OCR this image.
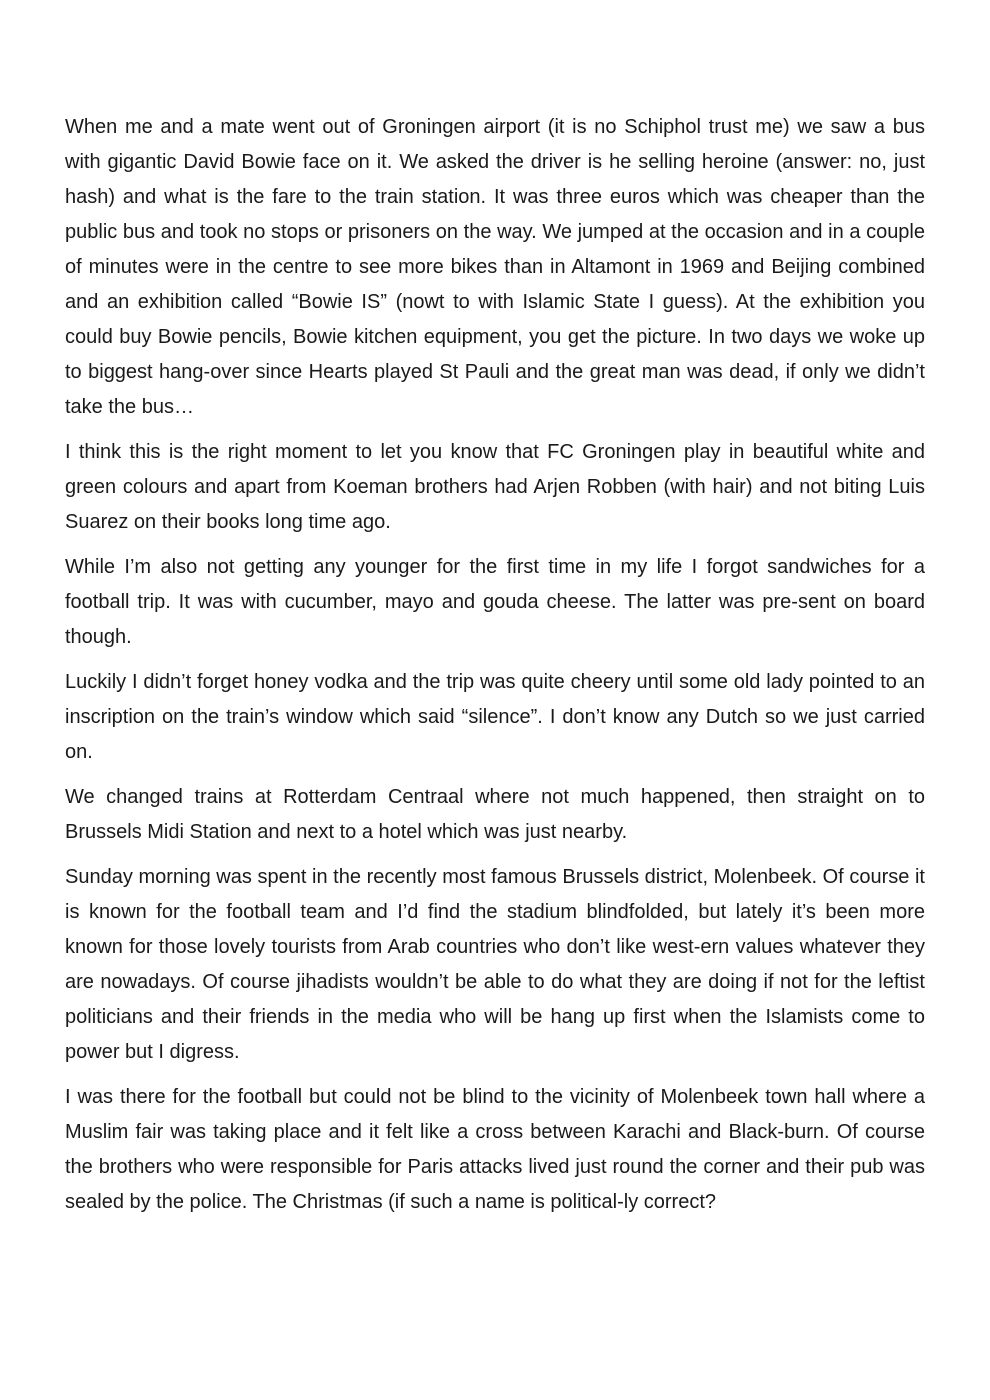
When me and a mate went out of Groningen airport (it is no Schiphol trust me) we saw a bus with gigantic David Bowie face on it. We asked the driver is he selling heroine (answer: no, just hash) and what is the fare to the train station. It was three euros which was cheaper than the public bus and took no stops or prisoners on the way. We jumped at the occasion and in a couple of minutes were in the centre to see more bikes than in Altamont in 1969 and Beijing combined and an exhibition called “Bowie IS” (nowt to with Islamic State I guess). At the exhibition you could buy Bowie pencils, Bowie kitchen equipment, you get the picture. In two days we woke up to biggest hang-over since Hearts played St Pauli and the great man was dead, if only we didn’t take the bus…

I think this is the right moment to let you know that FC Groningen play in beautiful white and green colours and apart from Koeman brothers had Arjen Robben (with hair) and not biting Luis Suarez on their books long time ago.

While I’m also not getting any younger for the first time in my life I forgot sandwiches for a football trip. It was with cucumber, mayo and gouda cheese. The latter was pre-sent on board though.

Luckily I didn’t forget honey vodka and the trip was quite cheery until some old lady pointed to an inscription on the train’s window which said “silence”. I don’t know any Dutch so we just carried on.

We changed trains at Rotterdam Centraal where not much happened, then straight on to Brussels Midi Station and next to a hotel which was just nearby.

Sunday morning was spent in the recently most famous Brussels district, Molenbeek. Of course it is known for the football team and I’d find the stadium blindfolded, but lately it’s been more known for those lovely tourists from Arab countries who don’t like west-ern values whatever they are nowadays. Of course jihadists wouldn’t be able to do what they are doing if not for the leftist politicians and their friends in the media who will be hang up first when the Islamists come to power but I digress.

I was there for the football but could not be blind to the vicinity of Molenbeek town hall where a Muslim fair was taking place and it felt like a cross between Karachi and Black-burn. Of course the brothers who were responsible for Paris attacks lived just round the corner and their pub was sealed by the police. The Christmas (if such a name is political-ly correct?
